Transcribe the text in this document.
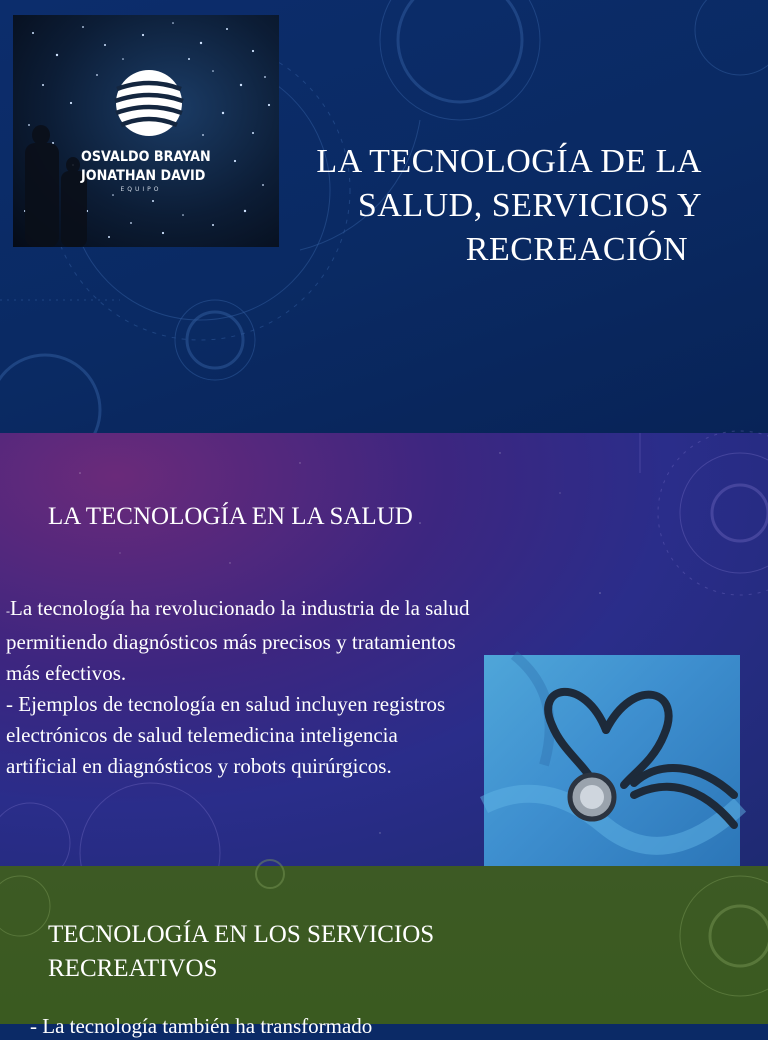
OSVALDO BRAYAN
JONATHAN DAVID
EQUIPO
LA TECNOLOGÍA DE LA
SALUD, SERVICIOS Y
RECREACIÓN
LA TECNOLOGÍA EN LA SALUD

-La tecnología ha revolucionado la industria de la salud permitiendo diagnósticos más precisos y tratamientos más efectivos.

- Ejemplos de tecnología en salud incluyen registros electrónicos de salud telemedicina inteligencia artificial en diagnósticos y robots quirúrgicos.

TECNOLOGÍA EN LOS SERVICIOS RECREATIVOS
- La tecnología también ha transformado
